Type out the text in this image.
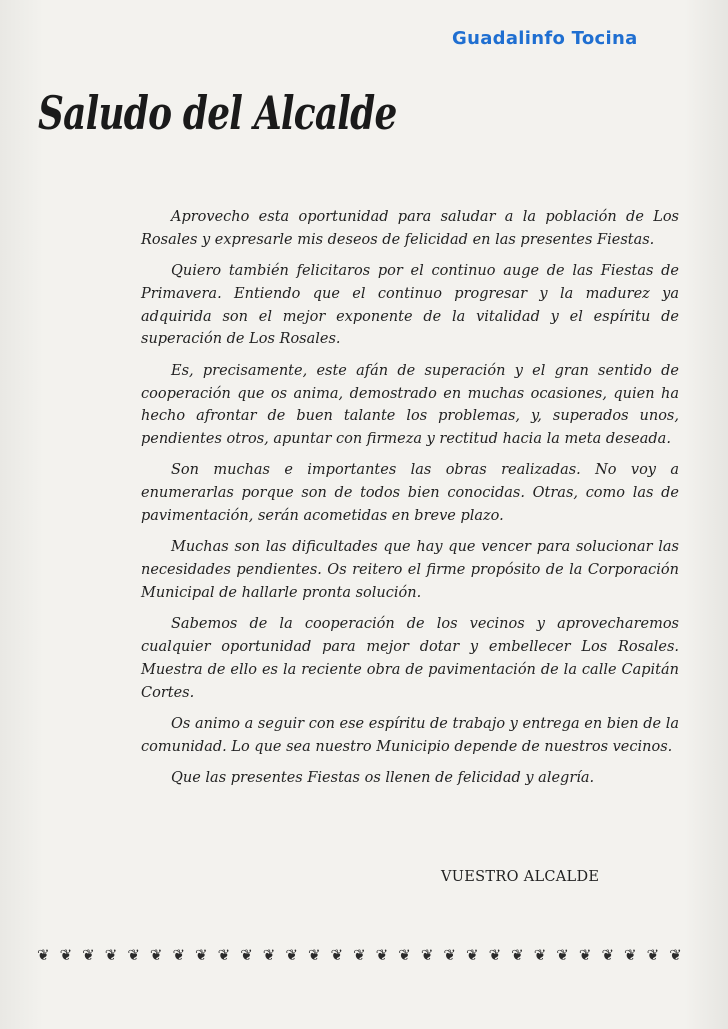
Guadalinfo Tocina
Saludo del Alcalde

Aprovecho esta oportunidad para saludar a la población de Los Rosales y expresarle mis deseos de felicidad en las presentes Fiestas.

Quiero también felicitaros por el continuo auge de las Fiestas de Primavera. Entiendo que el continuo progresar y la madurez ya adquirida son el mejor exponente de la vitalidad y el espíritu de superación de Los Rosales.

Es, precisamente, este afán de superación y el gran sentido de cooperación que os anima, demostrado en muchas ocasiones, quien ha hecho afrontar de buen talante los problemas, y, superados unos, pendientes otros, apuntar con firmeza y rectitud hacia la meta deseada.

Son muchas e importantes las obras realizadas. No voy a enumerarlas porque son de todos bien conocidas. Otras, como las de pavimentación, serán acometidas en breve plazo.

Muchas son las dificultades que hay que vencer para solucionar las necesidades pendientes. Os reitero el firme propósito de la Corporación Municipal de hallarle pronta solución.

Sabemos de la cooperación de los vecinos y aprovecharemos cualquier oportunidad para mejor dotar y embellecer Los Rosales. Muestra de ello es la reciente obra de pavimentación de la calle Capitán Cortes.

Os animo a seguir con ese espíritu de trabajo y entrega en bien de la comunidad. Lo que sea nuestro Municipio depende de nuestros vecinos.

Que las presentes Fiestas os llenen de felicidad y alegría.

VUESTRO ALCALDE
❦ ❦ ❦ ❦ ❦ ❦ ❦ ❦ ❦ ❦ ❦ ❦ ❦ ❦ ❦ ❦ ❦ ❦ ❦ ❦ ❦ ❦ ❦ ❦ ❦ ❦ ❦ ❦ ❦
